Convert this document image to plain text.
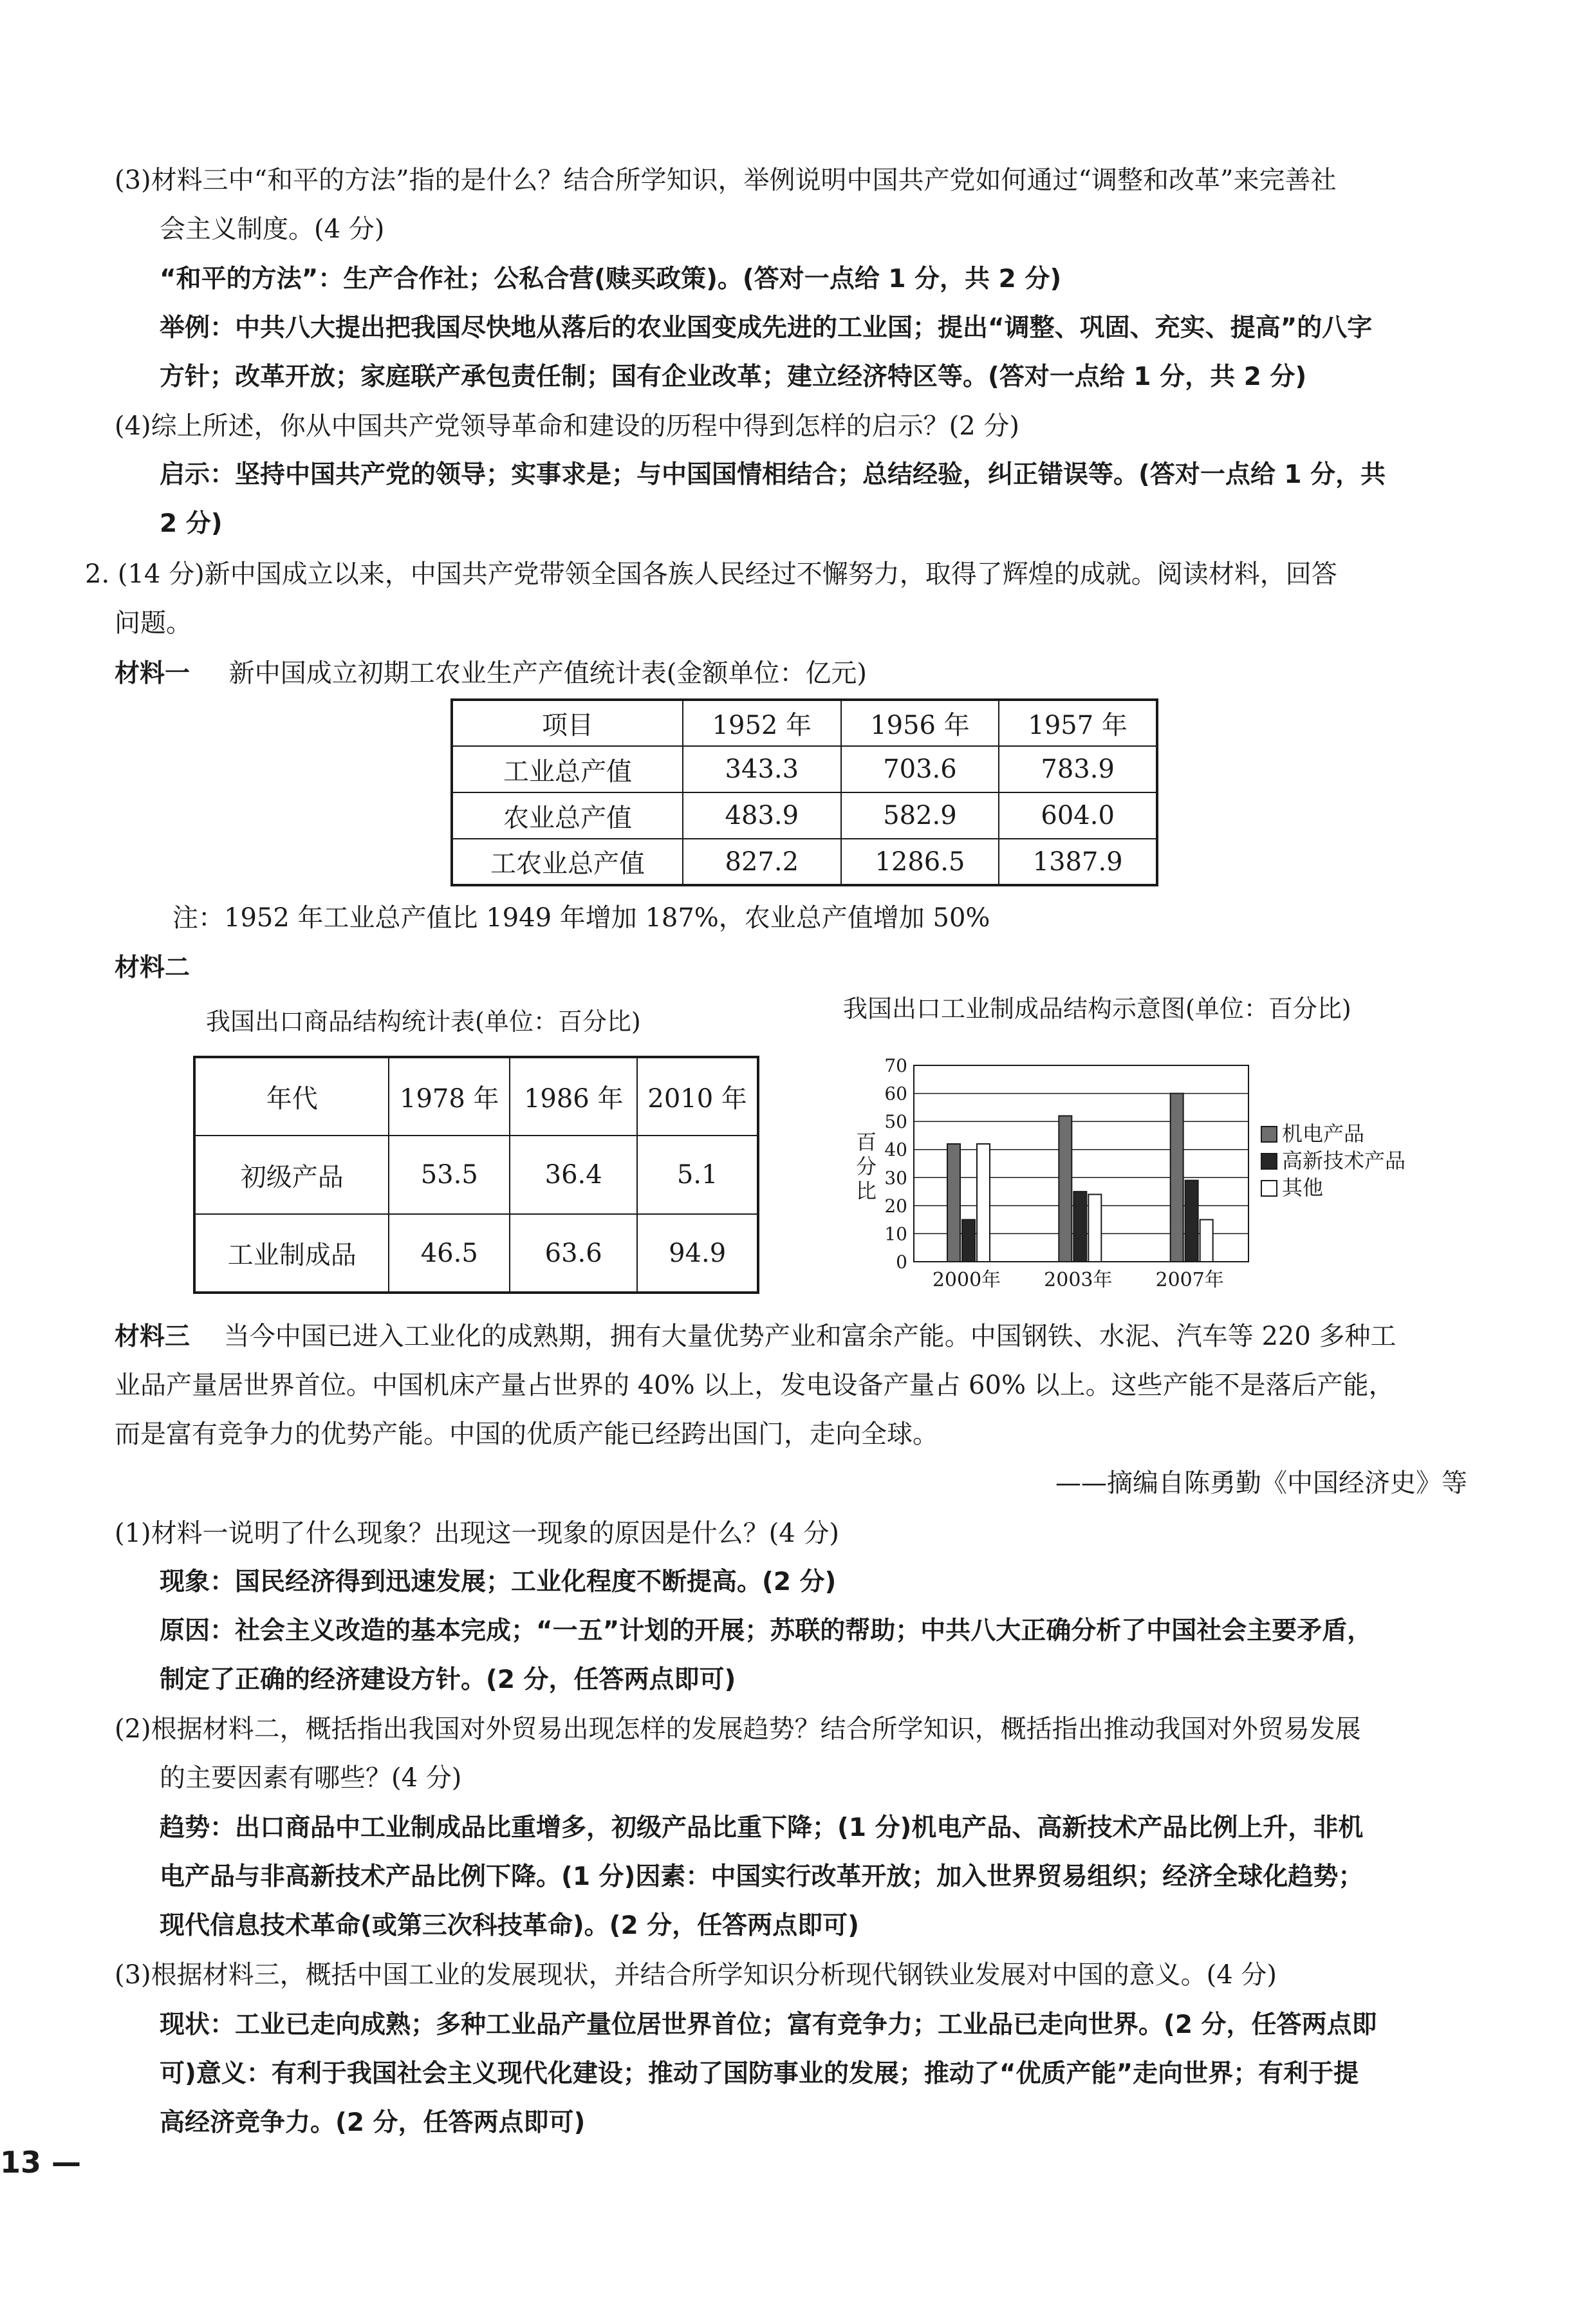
(3)材料三中“和平的方法”指的是什么？结合所学知识，举例说明中国共产党如何通过“调整和改革”来完善社
会主义制度。(4 分)
“和平的方法”：生产合作社；公私合营(赎买政策)。(答对一点给 1 分，共 2 分)
举例：中共八大提出把我国尽快地从落后的农业国变成先进的工业国；提出“调整、巩固、充实、提高”的八字
方针；改革开放；家庭联产承包责任制；国有企业改革；建立经济特区等。(答对一点给 1 分，共 2 分)
(4)综上所述，你从中国共产党领导革命和建设的历程中得到怎样的启示？(2 分)
启示：坚持中国共产党的领导；实事求是；与中国国情相结合；总结经验，纠正错误等。(答对一点给 1 分，共
2 分)
2. (14 分)新中国成立以来，中国共产党带领全国各族人民经过不懈努力，取得了辉煌的成就。阅读材料，回答
问题。
材料一 新中国成立初期工农业生产产值统计表(金额单位：亿元)
项目	1952 年	1956 年	1957 年
工业总产值	343.3	703.6	783.9
农业总产值	483.9	582.9	604.0
工农业总产值	827.2	1286.5	1387.9
注：1952 年工业总产值比 1949 年增加 187%，农业总产值增加 50%
材料二
我国出口商品结构统计表(单位：百分比)
年代	1978 年	1986 年	2010 年
初级产品	53.5	36.4	5.1
工业制成品	46.5	63.6	94.9
我国出口工业制成品结构示意图(单位：百分比)
百
分
比
0
10
20
30
40
50
60
70
2000年 2003年 2007年
机电产品
高新技术产品
其他
材料三 当今中国已进入工业化的成熟期，拥有大量优势产业和富余产能。中国钢铁、水泥、汽车等 220 多种工
业品产量居世界首位。中国机床产量占世界的 40% 以上，发电设备产量占 60% 以上。这些产能不是落后产能，
而是富有竞争力的优势产能。中国的优质产能已经跨出国门，走向全球。
——摘编自陈勇勤《中国经济史》等
(1)材料一说明了什么现象？出现这一现象的原因是什么？(4 分)
现象：国民经济得到迅速发展；工业化程度不断提高。(2 分)
原因：社会主义改造的基本完成；“一五”计划的开展；苏联的帮助；中共八大正确分析了中国社会主要矛盾，
制定了正确的经济建设方针。(2 分，任答两点即可)
(2)根据材料二，概括指出我国对外贸易出现怎样的发展趋势？结合所学知识，概括指出推动我国对外贸易发展
的主要因素有哪些？(4 分)
趋势：出口商品中工业制成品比重增多，初级产品比重下降；(1 分)机电产品、高新技术产品比例上升，非机
电产品与非高新技术产品比例下降。(1 分)因素：中国实行改革开放；加入世界贸易组织；经济全球化趋势；
现代信息技术革命(或第三次科技革命)。(2 分，任答两点即可)
(3)根据材料三，概括中国工业的发展现状，并结合所学知识分析现代钢铁业发展对中国的意义。(4 分)
现状：工业已走向成熟；多种工业品产量位居世界首位；富有竞争力；工业品已走向世界。(2 分，任答两点即
可)意义：有利于我国社会主义现代化建设；推动了国防事业的发展；推动了“优质产能”走向世界；有利于提
高经济竞争力。(2 分，任答两点即可)
13 —
